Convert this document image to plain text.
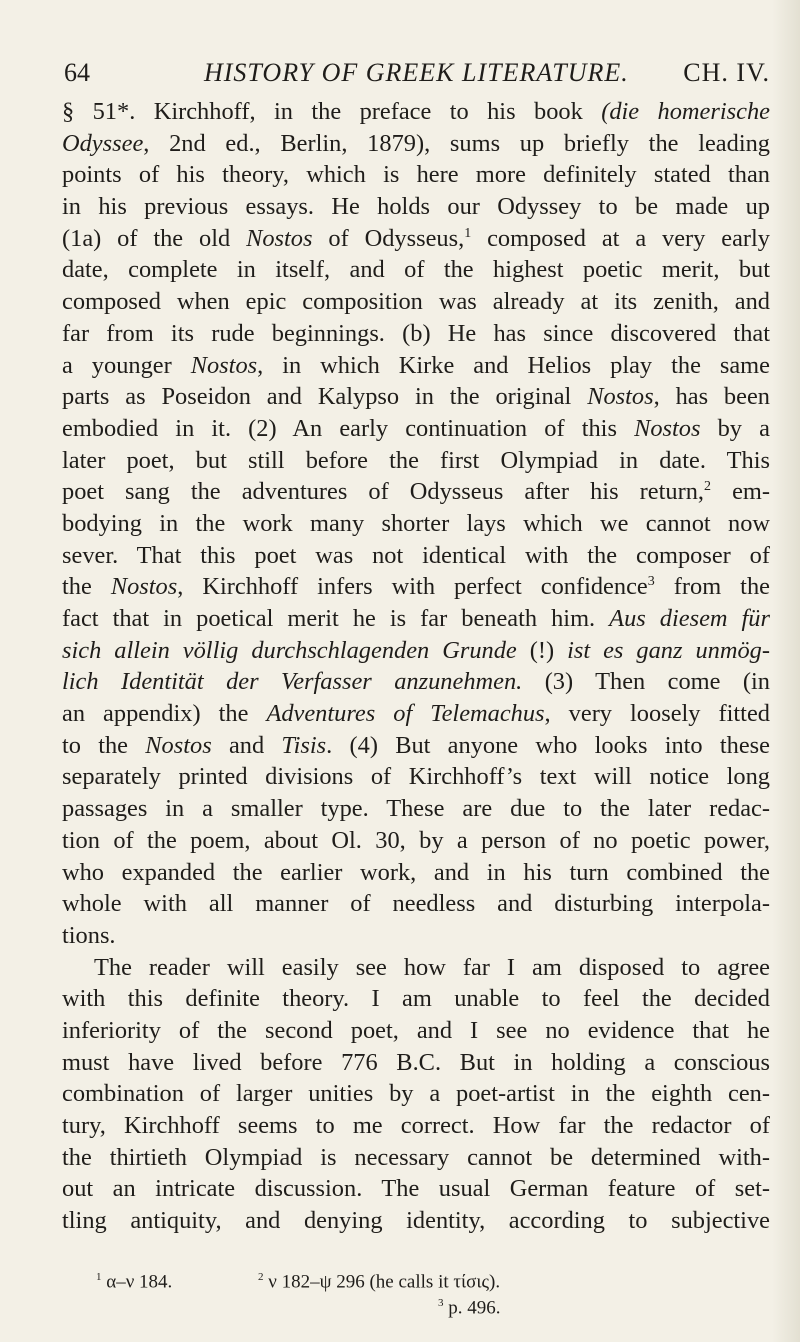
64	HISTORY OF GREEK LITERATURE. CH. IV.
§ 51*. Kirchhoff, in the preface to his book (die homerische
Odyssee, 2nd ed., Berlin, 1879), sums up briefly the leading
points of his theory, which is here more definitely stated than
in his previous essays. He holds our Odyssey to be made up
(1a) of the old Nostos of Odysseus,$^1$ composed at a very early
date, complete in itself, and of the highest poetic merit, but
composed when epic composition was already at its zenith, and
far from its rude beginnings. (b) He has since discovered that
a younger Nostos, in which Kirke and Helios play the same
parts as Poseidon and Kalypso in the original Nostos, has been
embodied in it. (2) An early continuation of this Nostos by a
later poet, but still before the first Olympiad in date. This
poet sang the adventures of Odysseus after his return,$^2$ em-
bodying in the work many shorter lays which we cannot now
sever. That this poet was not identical with the composer of
the Nostos, Kirchhoff infers with perfect confidence$^3$ from the
fact that in poetical merit he is far beneath him. Aus diesem für
sich allein völlig durchschlagenden Grunde (!) ist es ganz unmög-
lich Identität der Verfasser anzunehmen. (3) Then come (in
an appendix) the Adventures of Telemachus, very loosely fitted
to the Nostos and Tisis. (4) But anyone who looks into these
separately printed divisions of Kirchhoff’s text will notice long
passages in a smaller type. These are due to the later redac-
tion of the poem, about Ol. 30, by a person of no poetic power,
who expanded the earlier work, and in his turn combined the
whole with all manner of needless and disturbing interpola-
tions.
The reader will easily see how far I am disposed to agree
with this definite theory. I am unable to feel the decided
inferiority of the second poet, and I see no evidence that he
must have lived before 776 B.C. But in holding a conscious
combination of larger unities by a poet-artist in the eighth cen-
tury, Kirchhoff seems to me correct. How far the redactor of
the thirtieth Olympiad is necessary cannot be determined with-
out an intricate discussion. The usual German feature of set-
tling antiquity, and denying identity, according to subjective
$^1$ α–ν 184.	$^2$ ν 182–ψ 296 (he calls it τίσις).
$^3$ p. 496.
